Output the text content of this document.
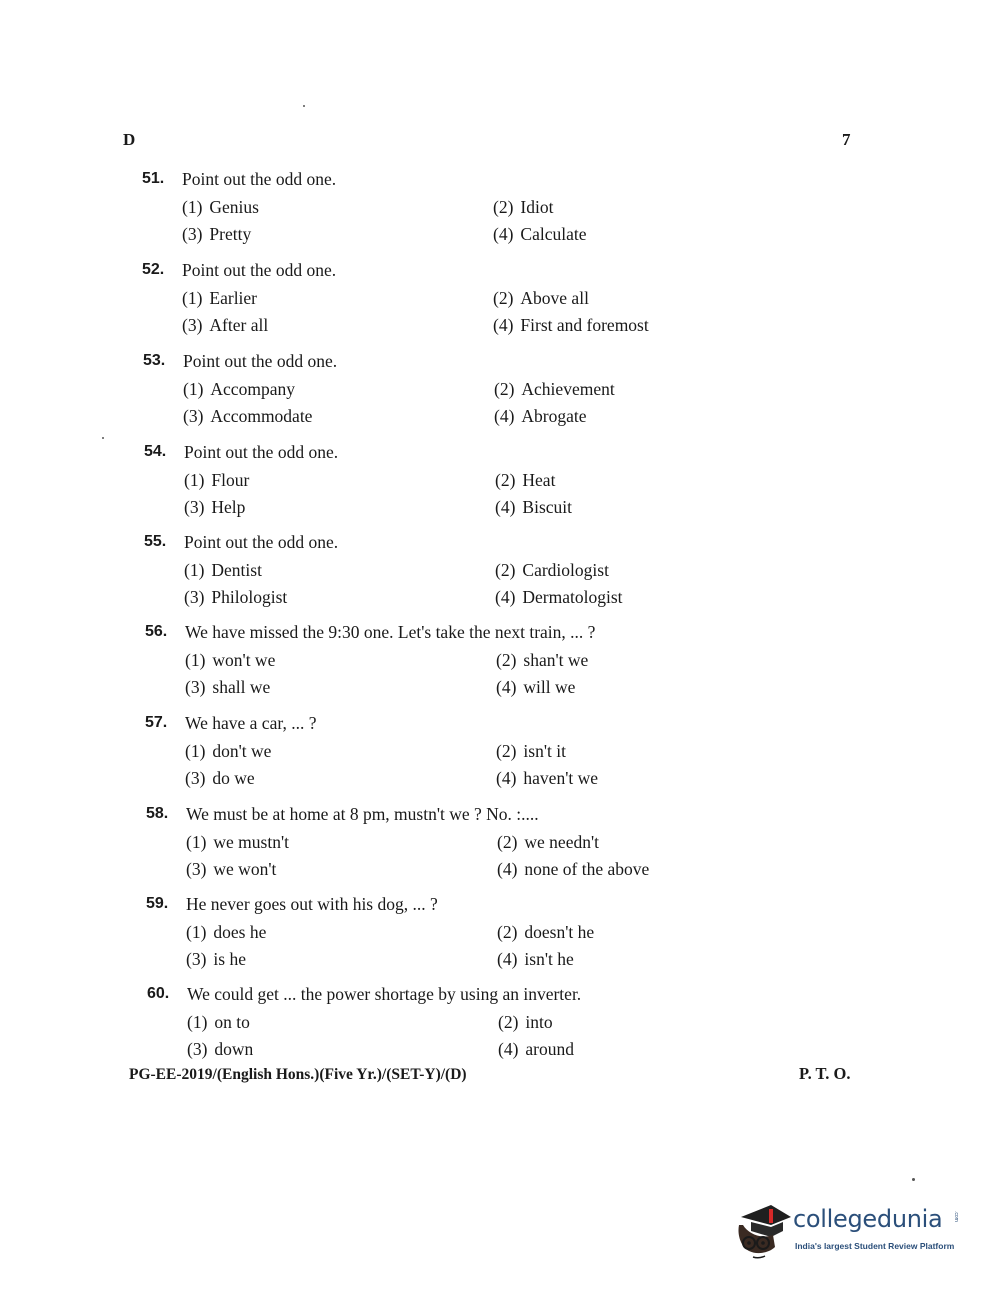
D	7
51. Point out the odd one.
(1) Genius	(2) Idiot
(3) Pretty	(4) Calculate
52. Point out the odd one.
(1) Earlier	(2) Above all
(3) After all	(4) First and foremost
53. Point out the odd one.
(1) Accompany	(2) Achievement
(3) Accommodate	(4) Abrogate
54. Point out the odd one.
(1) Flour	(2) Heat
(3) Help	(4) Biscuit
55. Point out the odd one.
(1) Dentist	(2) Cardiologist
(3) Philologist	(4) Dermatologist
56. We have missed the 9:30 one. Let's take the next train, ... ?
(1) won't we	(2) shan't we
(3) shall we	(4) will we
57. We have a car, ... ?
(1) don't we	(2) isn't it
(3) do we	(4) haven't we
58. We must be at home at 8 pm, mustn't we ? No. :....
(1) we mustn't	(2) we needn't
(3) we won't	(4) none of the above
59. He never goes out with his dog, ... ?
(1) does he	(2) doesn't he
(3) is he	(4) isn't he
60. We could get ... the power shortage by using an inverter.
(1) on to	(2) into
(3) down	(4) around
PG-EE-2019/(English Hons.)(Five Yr.)/(SET-Y)/(D)	P. T. O.
collegedunia .com
India's largest Student Review Platform
